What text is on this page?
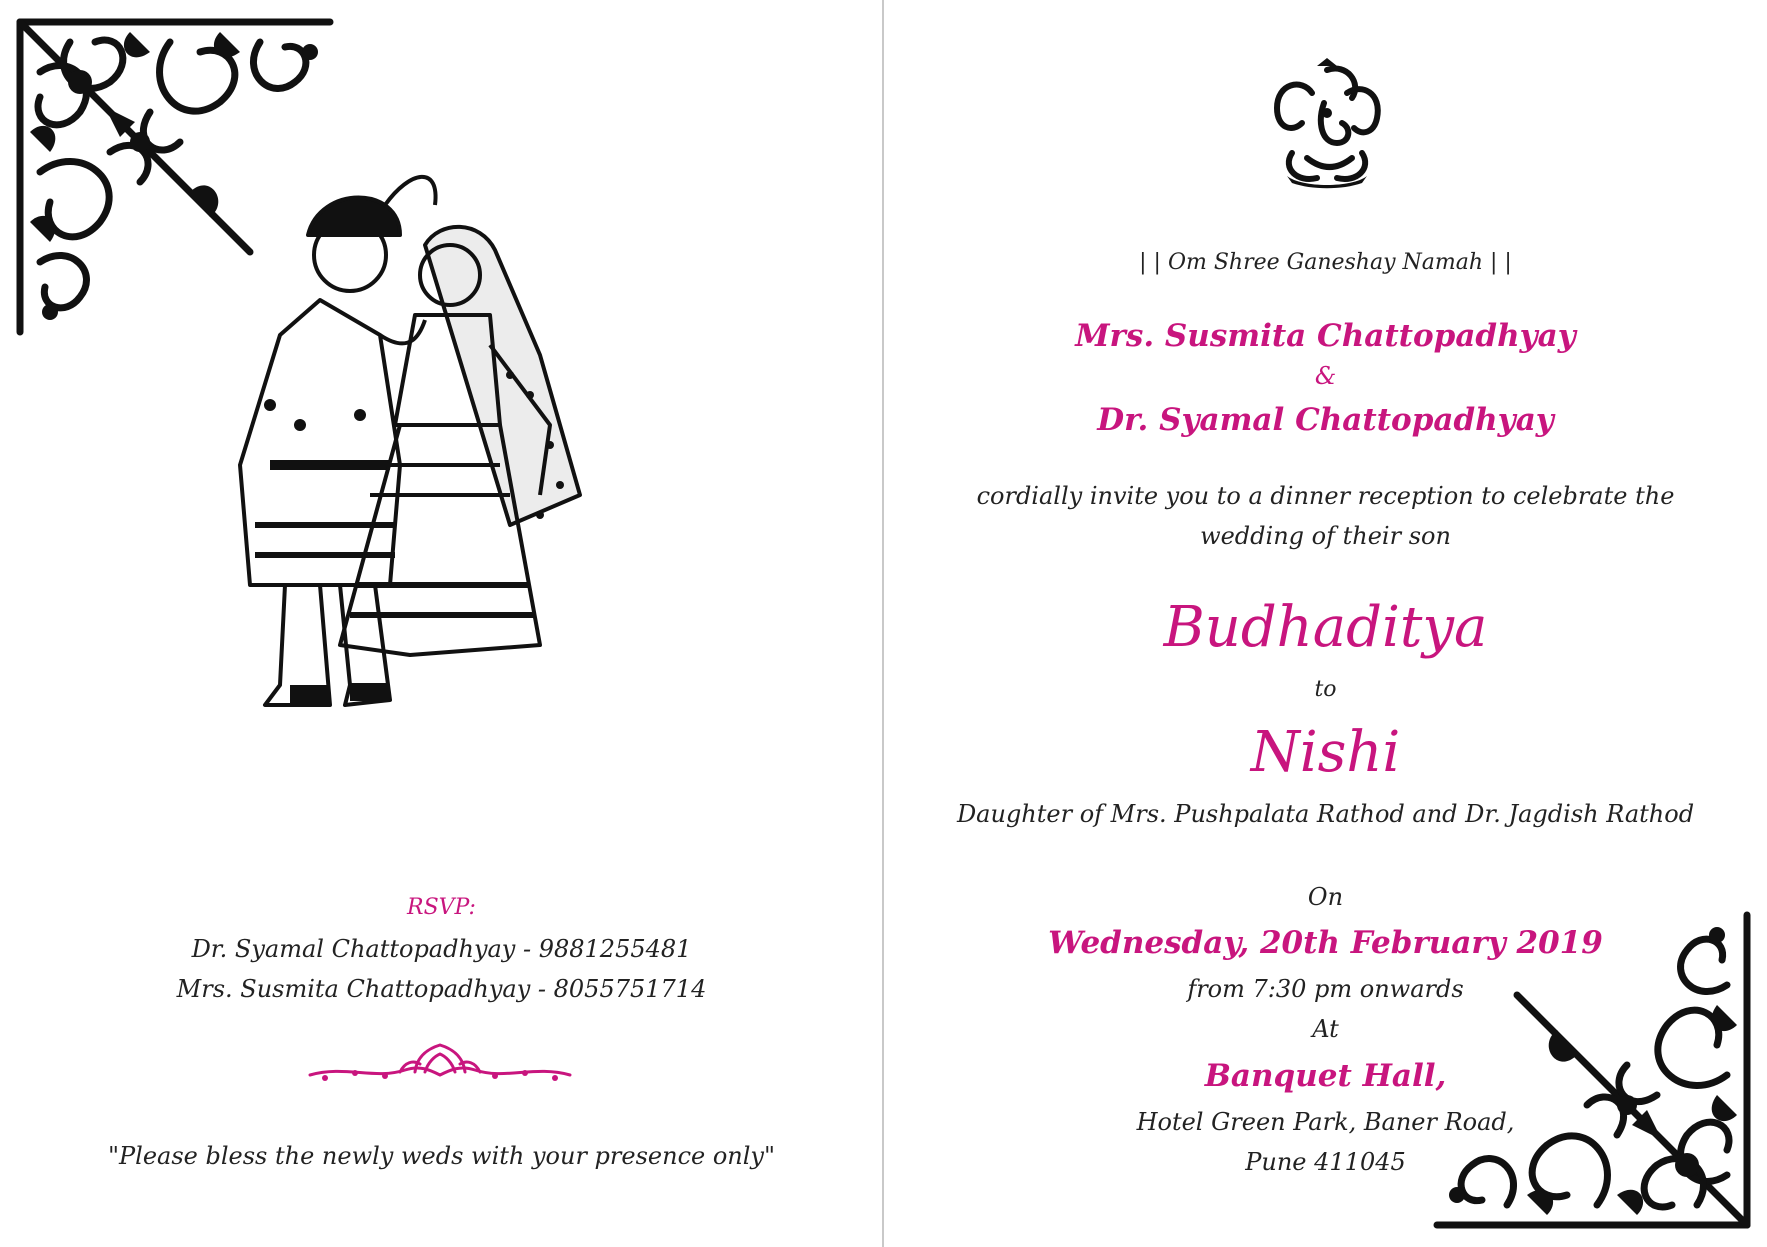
RSVP:
Dr. Syamal Chattopadhyay - 9881255481
Mrs. Susmita Chattopadhyay - 8055751714
"Please bless the newly weds with your presence only"
| | Om Shree Ganeshay Namah | |
Mrs. Susmita Chattopadhyay
&
Dr. Syamal Chattopadhyay
cordially invite you to a dinner reception to celebrate the
wedding of their son
Budhaditya
to
Nishi
Daughter of Mrs. Pushpalata Rathod and Dr. Jagdish Rathod
On
Wednesday, 20th February 2019
from 7:30 pm onwards
At
Banquet Hall,
Hotel Green Park, Baner Road,
Pune 411045
